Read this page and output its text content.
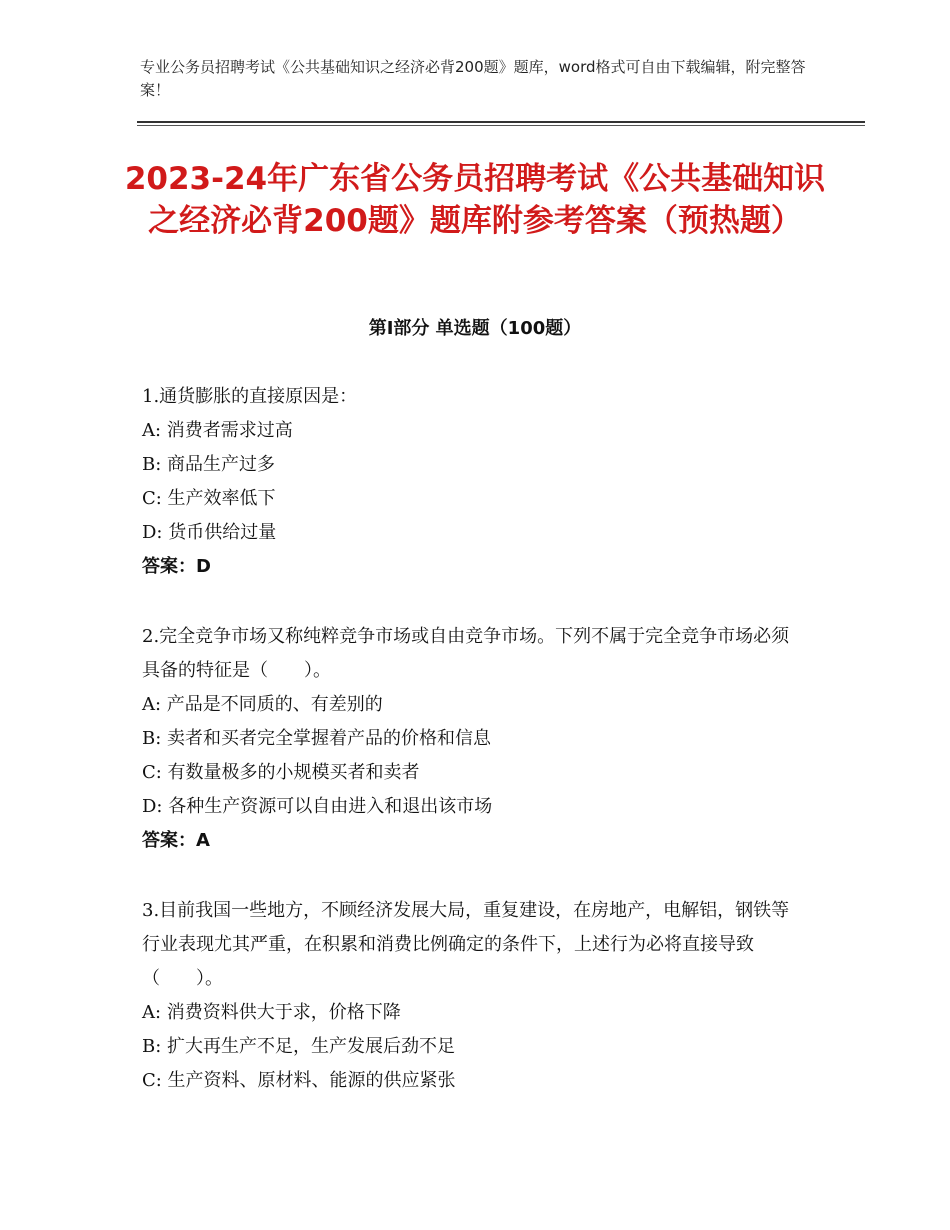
专业公务员招聘考试《公共基础知识之经济必背200题》题库，word格式可自由下载编辑，附完整答案！
2023-24年广东省公务员招聘考试《公共基础知识之经济必背200题》题库附参考答案（预热题）
第Ⅰ部分 单选题（100题）

1.通货膨胀的直接原因是：

A: 消费者需求过高

B: 商品生产过多

C: 生产效率低下

D: 货币供给过量

答案：D

2.完全竞争市场又称纯粹竞争市场或自由竞争市场。下列不属于完全竞争市场必须具备的特征是（　　）。

A: 产品是不同质的、有差别的

B: 卖者和买者完全掌握着产品的价格和信息

C: 有数量极多的小规模买者和卖者

D: 各种生产资源可以自由进入和退出该市场

答案：A

3.目前我国一些地方，不顾经济发展大局，重复建设，在房地产，电解铝，钢铁等行业表现尤其严重，在积累和消费比例确定的条件下，上述行为必将直接导致（　　）。

A: 消费资料供大于求，价格下降

B: 扩大再生产不足，生产发展后劲不足

C: 生产资料、原材料、能源的供应紧张
